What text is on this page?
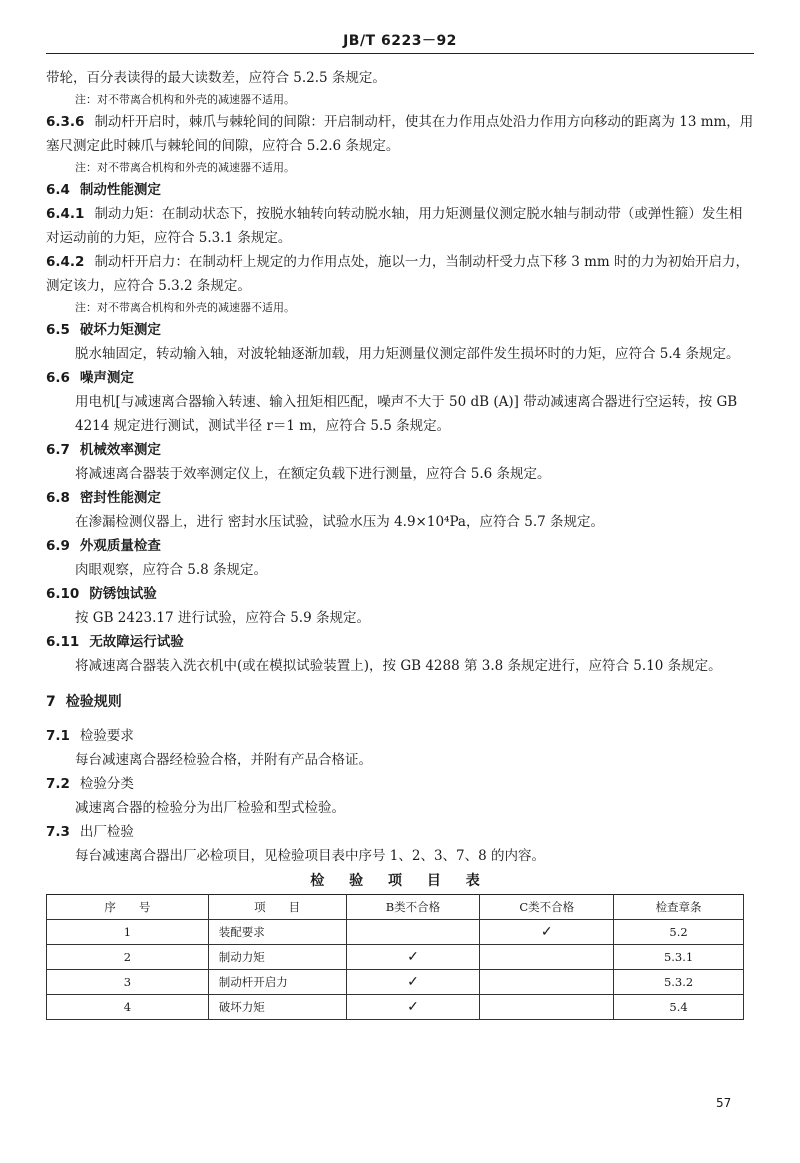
JB/T 6223－92

带轮，百分表读得的最大读数差，应符合 5.2.5 条规定。

注：对不带离合机构和外壳的减速器不适用。

6.3.6 制动杆开启时，棘爪与棘轮间的间隙：开启制动杆，使其在力作用点处沿力作用方向移动的距离为 13 mm，用塞尺测定此时棘爪与棘轮间的间隙，应符合 5.2.6 条规定。

注：对不带离合机构和外壳的减速器不适用。

6.4 制动性能测定

6.4.1 制动力矩：在制动状态下，按脱水轴转向转动脱水轴，用力矩测量仪测定脱水轴与制动带（或弹性箍）发生相对运动前的力矩，应符合 5.3.1 条规定。

6.4.2 制动杆开启力：在制动杆上规定的力作用点处，施以一力，当制动杆受力点下移 3 mm 时的力为初始开启力，测定该力，应符合 5.3.2 条规定。

注：对不带离合机构和外壳的减速器不适用。

6.5 破坏力矩测定

脱水轴固定，转动输入轴，对波轮轴逐渐加载，用力矩测量仪测定部件发生损坏时的力矩，应符合 5.4 条规定。

6.6 噪声测定

用电机[与减速离合器输入转速、输入扭矩相匹配，噪声不大于 50 dB (A)] 带动减速离合器进行空运转，按 GB 4214 规定进行测试，测试半径 r＝1 m，应符合 5.5 条规定。

6.7 机械效率测定

将减速离合器装于效率测定仪上，在额定负载下进行测量，应符合 5.6 条规定。

6.8 密封性能测定

在渗漏检测仪器上，进行 密封水压试验，试验水压为 4.9×10⁴Pa，应符合 5.7 条规定。

6.9 外观质量检查

肉眼观察，应符合 5.8 条规定。

6.10 防锈蚀试验

按 GB 2423.17 进行试验，应符合 5.9 条规定。

6.11 无故障运行试验

将减速离合器装入洗衣机中(或在模拟试验装置上)，按 GB 4288 第 3.8 条规定进行，应符合 5.10 条规定。

7 检验规则

7.1 检验要求

每台减速离合器经检验合格，并附有产品合格证。

7.2 检验分类

减速离合器的检验分为出厂检验和型式检验。

7.3 出厂检验

每台减速离合器出厂必检项目，见检验项目表中序号 1、2、3、7、8 的内容。

检 验 项 目 表
序　　号	项　　目	B类不合格	C类不合格	检查章条
1	装配要求		✓	5.2
2	制动力矩	✓		5.3.1
3	制动杆开启力	✓		5.3.2
4	破坏力矩	✓		5.4
57
